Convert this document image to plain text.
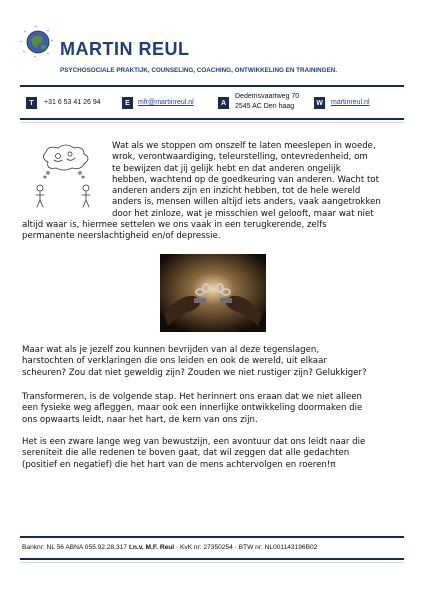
*
*
*
*
*
*
*
* MARTIN REUL
PSYCHOSOCIALE PRAKTIJK, COUNSELING, COACHING, ONTWIKKELING EN TRAININGEN.
T	+31 6 53 41 26 94	E	mfr@martinreul.nl	A
Dedemsvaartweg 70
2545 AC Den haag	W	martinreul.nl
Wat als we stoppen om onszelf te laten meeslepen in woede,
wrok, verontwaardiging, teleurstelling, ontevredenheid, om
te bewijzen dat jij gelijk hebt en dat anderen ongelijk
hebben, wachtend op de goedkeuring van anderen. Wacht tot
anderen anders zijn en inzicht hebben, tot de hele wereld
anders is, mensen willen altijd iets anders, vaak aangetrokken
door het zinloze, wat je misschien wel gelooft, maar wat niet
altijd waar is, hiermee settelen we ons vaak in een terugkerende, zelfs
permanente neerslachtigheid en/of depressie.
Maar wat als je jezelf zou kunnen bevrijden van al deze tegenslagen,
harstochten of verklaringen die ons leiden en ook de wereld, uit elkaar
scheuren? Zou dat niet geweldig zijn? Zouden we niet rustiger zijn? Gelukkiger?
Transformeren, is de volgende stap. Het herinnert ons eraan dat we niet alleen
een fysieke weg afleggen, maar ook een innerlijke ontwikkeling doormaken die
ons opwaarts leidt, naar het hart, de kern van ons zijn.
Het is een zware lange weg van bewustzijn, een avontuur dat ons leidt naar die
sereniteit die alle redenen te boven gaat, dat wil zeggen dat alle gedachten
(positief en negatief) die het hart van de mens achtervolgen en roeren!π
Banknr: NL 56 ABNA 055.92.28.317 t.n.v. M.F. Reul · KvK nr: 27350254 · BTW nr: NL001143196B02
